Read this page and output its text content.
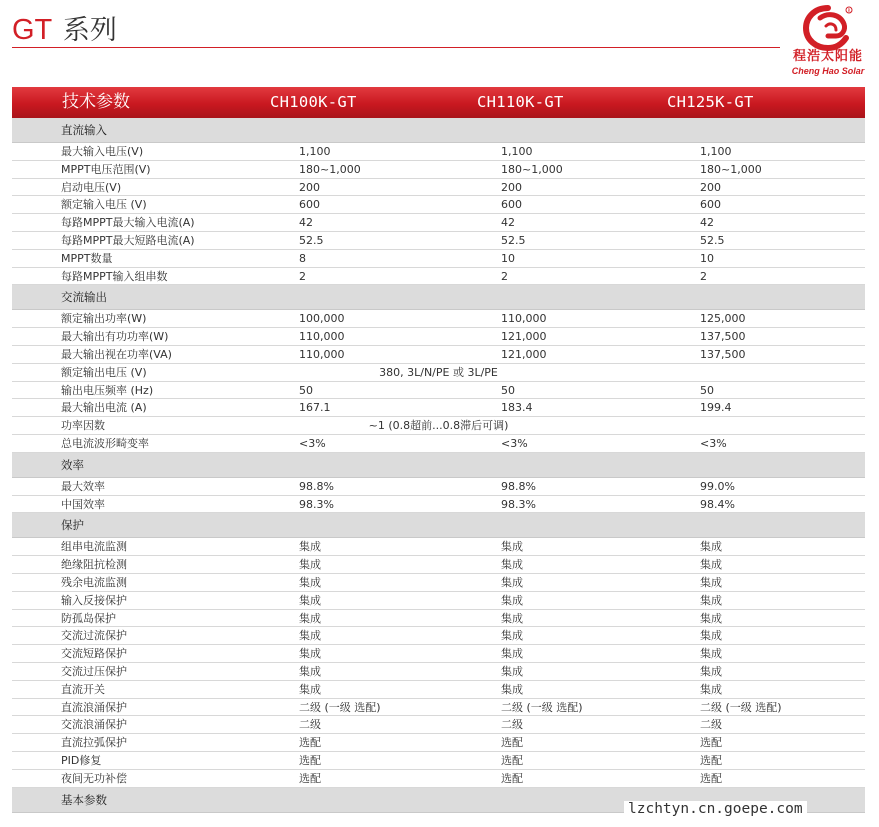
GT 系列
R
程浩太阳能
Cheng Hao Solar
技术参数	CH100K-GT	CH110K-GT	CH125K-GT
直流输入
最大输入电压(V)	1,100	1,100	1,100
MPPT电压范围(V)	180~1,000	180~1,000	180~1,000
启动电压(V)	200	200	200
额定输入电压 (V)	600	600	600
每路MPPT最大输入电流(A)	42	42	42
每路MPPT最大短路电流(A)	52.5	52.5	52.5
MPPT数量	8	10	10
每路MPPT输入组串数	2	2	2
交流输出
额定输出功率(W)	100,000	110,000	125,000
最大输出有功功率(W)	110,000	121,000	137,500
最大输出视在功率(VA)	110,000	121,000	137,500
额定输出电压 (V)	380, 3L/N/PE 或 3L/PE
输出电压频率 (Hz)	50	50	50
最大输出电流 (A)	167.1	183.4	199.4
功率因数	~1 (0.8超前...0.8滞后可调)
总电流波形畸变率	<3%	<3%	<3%
效率
最大效率	98.8%	98.8%	99.0%
中国效率	98.3%	98.3%	98.4%
保护
组串电流监测	集成	集成	集成
绝缘阻抗检测	集成	集成	集成
残余电流监测	集成	集成	集成
输入反接保护	集成	集成	集成
防孤岛保护	集成	集成	集成
交流过流保护	集成	集成	集成
交流短路保护	集成	集成	集成
交流过压保护	集成	集成	集成
直流开关	集成	集成	集成
直流浪涌保护	二级 (一级 选配)	二级 (一级 选配)	二级 (一级 选配)
交流浪涌保护	二级	二级	二级
直流拉弧保护	选配	选配	选配
PID修复	选配	选配	选配
夜间无功补偿	选配	选配	选配
基本参数
lzchtyn.cn.goepe.com
